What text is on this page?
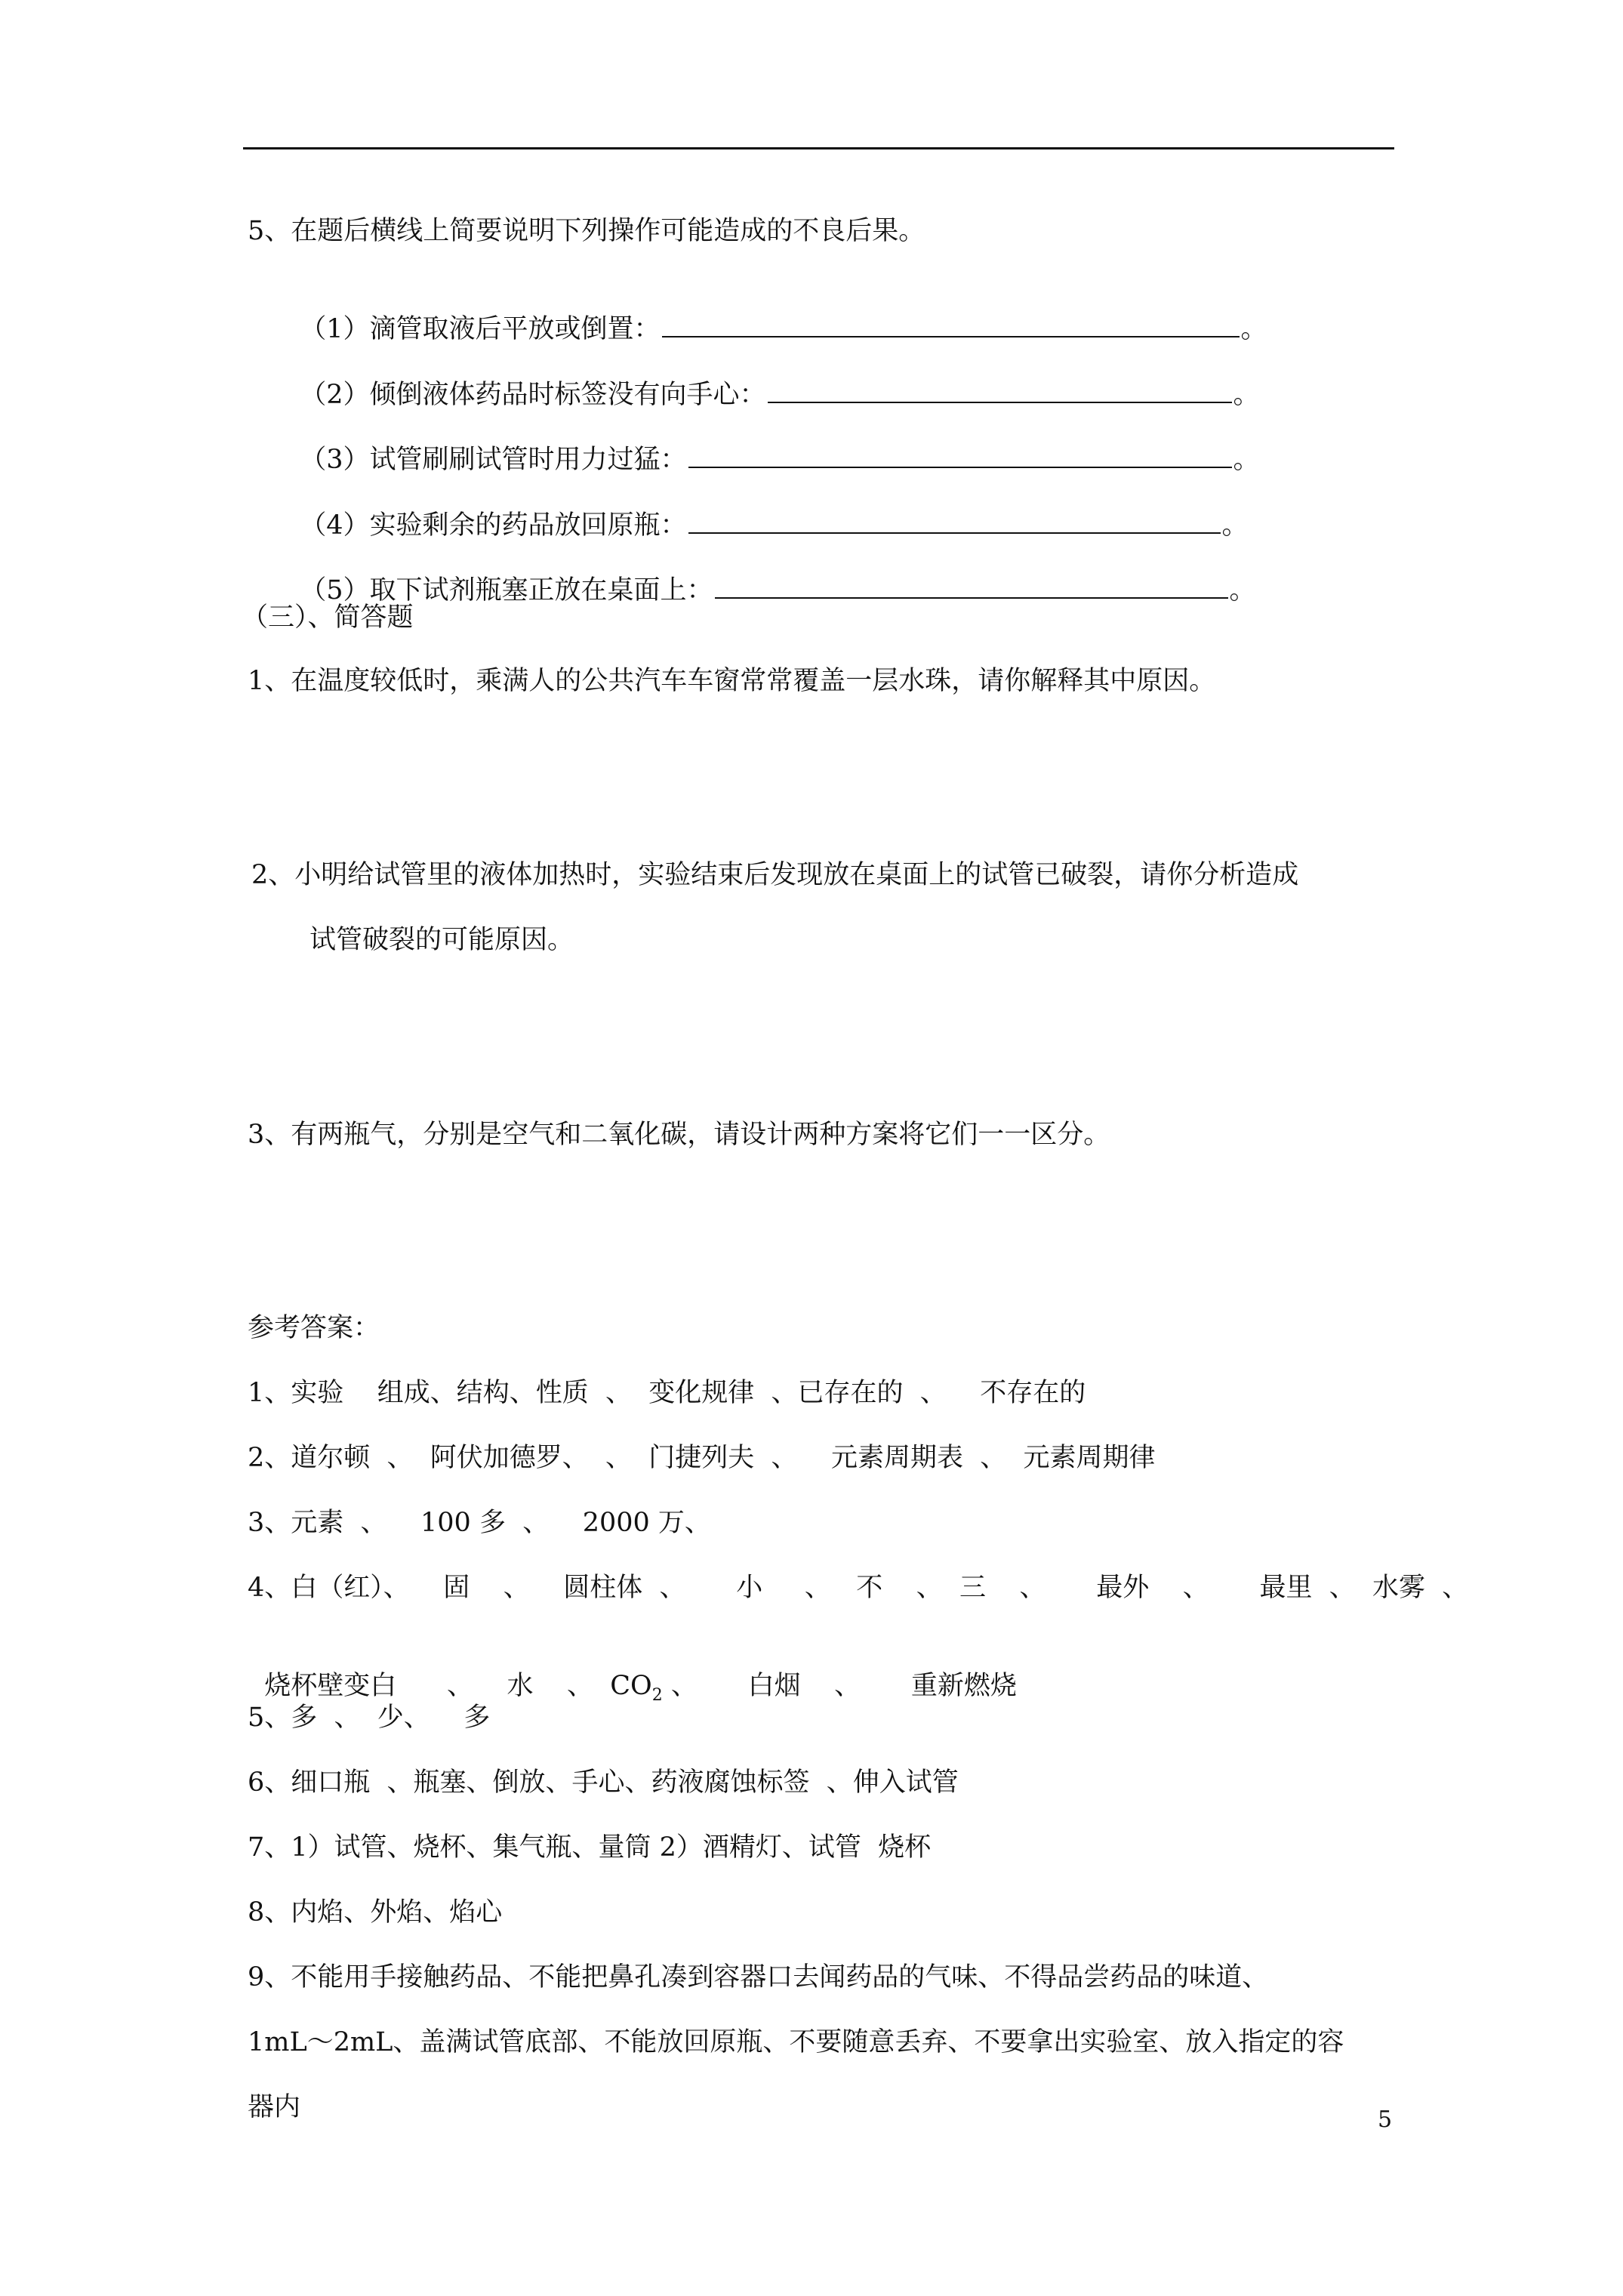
5、在题后横线上简要说明下列操作可能造成的不良后果。

（1）滴管取液后平放或倒置：	。

（2）倾倒液体药品时标签没有向手心：	。

（3）试管刷刷试管时用力过猛：	。

（4）实验剩余的药品放回原瓶：	。

（5）取下试剂瓶塞正放在桌面上：	。

（三）、简答题
1、在温度较低时，乘满人的公共汽车车窗常常覆盖一层水珠，请你解释其中原因。
2、小明给试管里的液体加热时，实验结束后发现放在桌面上的试管已破裂，请你分析造成
试管破裂的可能原因。
3、有两瓶气，分别是空气和二氧化碳，请设计两种方案将它们一一区分。
参考答案：
1、实验    组成、结构、性质  、  变化规律  、已存在的  、    不存在的
2、道尔顿  、  阿伏加德罗、  、  门捷列夫  、    元素周期表  、  元素周期律
3、元素  、    100 多  、    2000 万、
4、白（红）、    固    、    圆柱体  、      小     、   不    、  三    、      最外    、      最里  、  水雾  、

烧杯壁变白      、    水    、  $CO_2$ 、      白烟    、      重新燃烧

5、多  、  少、    多
6、细口瓶  、瓶塞、倒放、手心、药液腐蚀标签  、伸入试管
7、1）试管、烧杯、集气瓶、量筒 2）酒精灯、试管  烧杯
8、内焰、外焰、焰心
9、不能用手接触药品、不能把鼻孔凑到容器口去闻药品的气味、不得品尝药品的味道、
1mL～2mL、盖满试管底部、不能放回原瓶、不要随意丢弃、不要拿出实验室、放入指定的容
器内	5
